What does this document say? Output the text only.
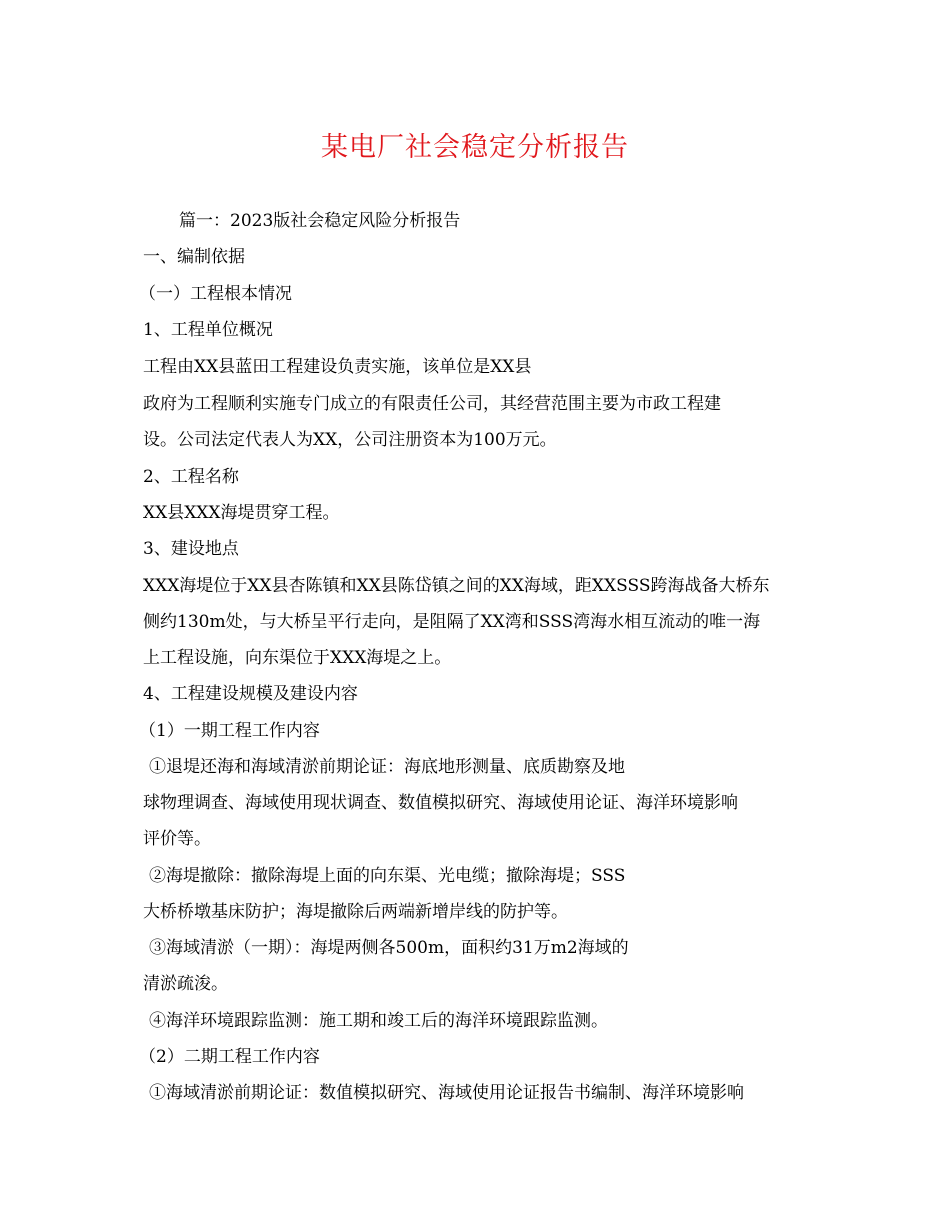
某电厂社会稳定分析报告
篇一：2023版社会稳定风险分析报告
一、编制依据
（一）工程根本情况
1、工程单位概况
工程由XX县蓝田工程建设负责实施，该单位是XX县
政府为工程顺利实施专门成立的有限责任公司，其经营范围主要为市政工程建
设。公司法定代表人为XX，公司注册资本为100万元。
2、工程名称
XX县XXX海堤贯穿工程。
3、建设地点
XXX海堤位于XX县杏陈镇和XX县陈岱镇之间的XX海域，距XXSSS跨海战备大桥东
侧约130m处，与大桥呈平行走向，是阻隔了XX湾和SSS湾海水相互流动的唯一海
上工程设施，向东渠位于XXX海堤之上。
4、工程建设规模及建设内容
（1）一期工程工作内容
①退堤还海和海域清淤前期论证：海底地形测量、底质勘察及地
球物理调查、海域使用现状调查、数值模拟研究、海域使用论证、海洋环境影响
评价等。
②海堤撤除：撤除海堤上面的向东渠、光电缆；撤除海堤；SSS
大桥桥墩基床防护；海堤撤除后两端新增岸线的防护等。
③海域清淤（一期）：海堤两侧各500m，面积约31万m2海域的
清淤疏浚。
④海洋环境跟踪监测：施工期和竣工后的海洋环境跟踪监测。
（2）二期工程工作内容
①海域清淤前期论证：数值模拟研究、海域使用论证报告书编制、海洋环境影响
